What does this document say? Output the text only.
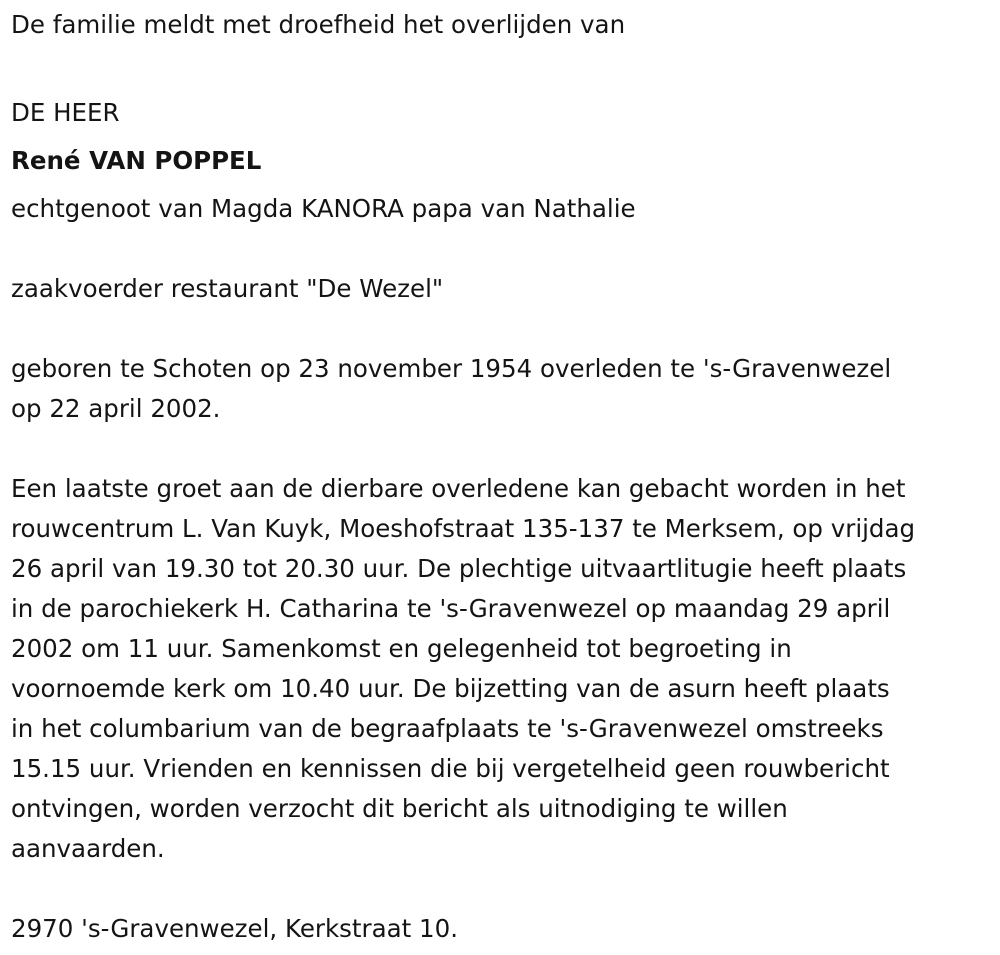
De familie meldt met droefheid het overlijden van
DE HEER
René VAN POPPEL
echtgenoot van Magda KANORA papa van Nathalie
zaakvoerder restaurant "De Wezel"
geboren te Schoten op 23 november 1954 overleden te 's-Gravenwezel
op 22 april 2002.
Een laatste groet aan de dierbare overledene kan gebacht worden in het
rouwcentrum L. Van Kuyk, Moeshofstraat 135-137 te Merksem, op vrijdag
26 april van 19.30 tot 20.30 uur. De plechtige uitvaartlitugie heeft plaats
in de parochiekerk H. Catharina te 's-Gravenwezel op maandag 29 april
2002 om 11 uur. Samenkomst en gelegenheid tot begroeting in
voornoemde kerk om 10.40 uur. De bijzetting van de asurn heeft plaats
in het columbarium van de begraafplaats te 's-Gravenwezel omstreeks
15.15 uur. Vrienden en kennissen die bij vergetelheid geen rouwbericht
ontvingen, worden verzocht dit bericht als uitnodiging te willen
aanvaarden.
2970 's-Gravenwezel, Kerkstraat 10.
